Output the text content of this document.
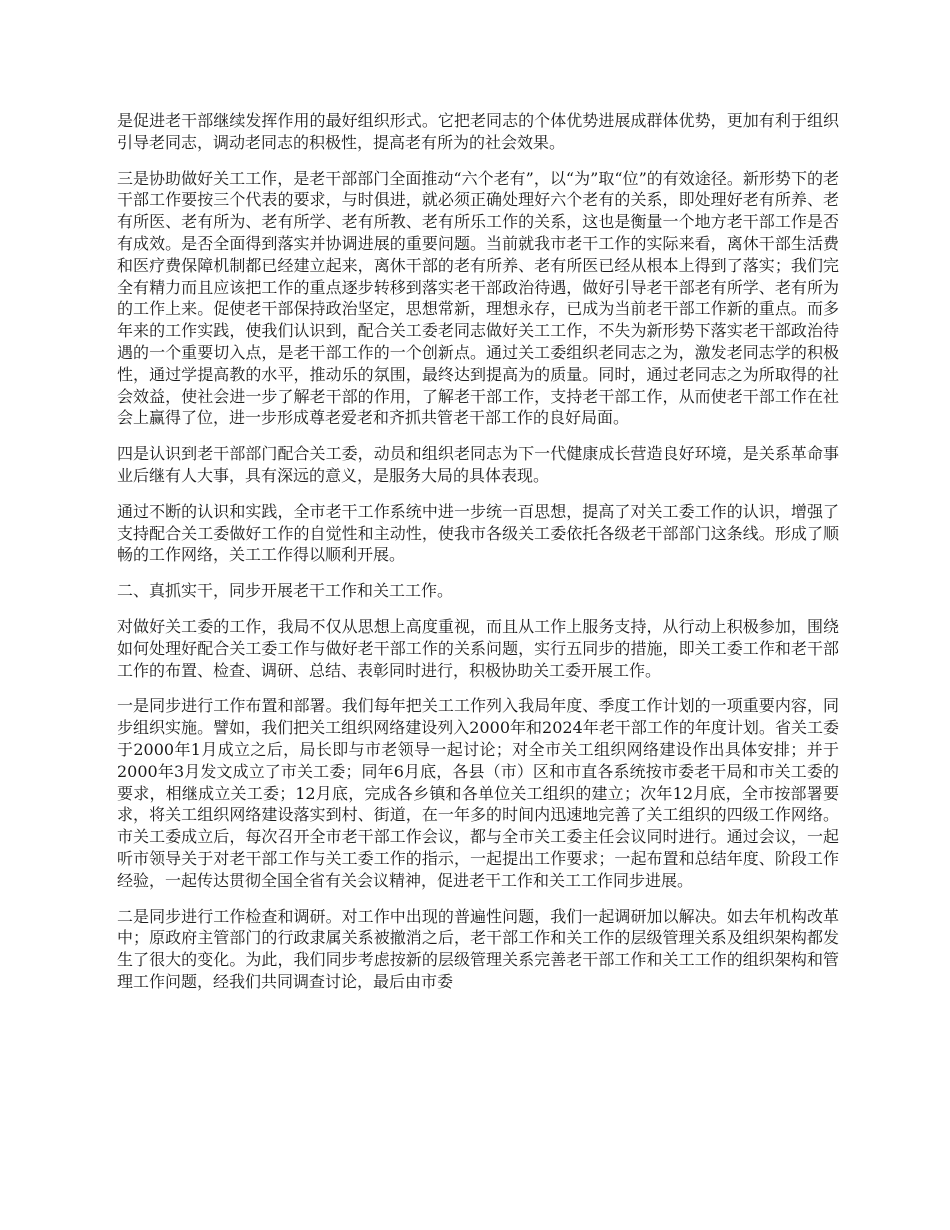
是促进老干部继续发挥作用的最好组织形式。它把老同志的个体优势进展成群体优势，更加有利于组织引导老同志，调动老同志的积极性，提高老有所为的社会效果。

三是协助做好关工工作，是老干部部门全面推动“六个老有”，以“为”取“位”的有效途径。新形势下的老干部工作要按三个代表的要求，与时俱进，就必须正确处理好六个老有的关系，即处理好老有所养、老有所医、老有所为、老有所学、老有所教、老有所乐工作的关系，这也是衡量一个地方老干部工作是否有成效。是否全面得到落实并协调进展的重要问题。当前就我市老干工作的实际来看，离休干部生活费和医疗费保障机制都已经建立起来，离休干部的老有所养、老有所医已经从根本上得到了落实；我们完全有精力而且应该把工作的重点逐步转移到落实老干部政治待遇，做好引导老干部老有所学、老有所为的工作上来。促使老干部保持政治坚定，思想常新，理想永存，已成为当前老干部工作新的重点。而多年来的工作实践，使我们认识到，配合关工委老同志做好关工工作，不失为新形势下落实老干部政治待遇的一个重要切入点，是老干部工作的一个创新点。通过关工委组织老同志之为，激发老同志学的积极性，通过学提高教的水平，推动乐的氛围，最终达到提高为的质量。同时，通过老同志之为所取得的社会效益，使社会进一步了解老干部的作用，了解老干部工作，支持老干部工作，从而使老干部工作在社会上赢得了位，进一步形成尊老爱老和齐抓共管老干部工作的良好局面。

四是认识到老干部部门配合关工委，动员和组织老同志为下一代健康成长营造良好环境，是关系革命事业后继有人大事，具有深远的意义，是服务大局的具体表现。

通过不断的认识和实践，全市老干工作系统中进一步统一百思想，提高了对关工委工作的认识，增强了支持配合关工委做好工作的自觉性和主动性，使我市各级关工委依托各级老干部部门这条线。形成了顺畅的工作网络，关工工作得以顺利开展。

二、真抓实干，同步开展老干工作和关工工作。

对做好关工委的工作，我局不仅从思想上高度重视，而且从工作上服务支持，从行动上积极参加，围绕如何处理好配合关工委工作与做好老干部工作的关系问题，实行五同步的措施，即关工委工作和老干部工作的布置、检查、调研、总结、表彰同时进行，积极协助关工委开展工作。

一是同步进行工作布置和部署。我们每年把关工工作列入我局年度、季度工作计划的一项重要内容，同步组织实施。譬如，我们把关工组织网络建设列入2000年和2024年老干部工作的年度计划。省关工委于2000年1月成立之后，局长即与市老领导一起讨论；对全市关工组织网络建设作出具体安排；并于2000年3月发文成立了市关工委；同年6月底，各县（市）区和市直各系统按市委老干局和市关工委的要求，相继成立关工委；12月底，完成各乡镇和各单位关工组织的建立；次年12月底，全市按部署要求，将关工组织网络建设落实到村、街道，在一年多的时间内迅速地完善了关工组织的四级工作网络。市关工委成立后，每次召开全市老干部工作会议，都与全市关工委主任会议同时进行。通过会议，一起听市领导关于对老干部工作与关工委工作的指示，一起提出工作要求；一起布置和总结年度、阶段工作经验，一起传达贯彻全国全省有关会议精神，促进老干工作和关工工作同步进展。

二是同步进行工作检查和调研。对工作中出现的普遍性问题，我们一起调研加以解决。如去年机构改革中；原政府主管部门的行政隶属关系被撤消之后，老干部工作和关工作的层级管理关系及组织架构都发生了很大的变化。为此，我们同步考虑按新的层级管理关系完善老干部工作和关工工作的组织架构和管理工作问题，经我们共同调查讨论，最后由市委
